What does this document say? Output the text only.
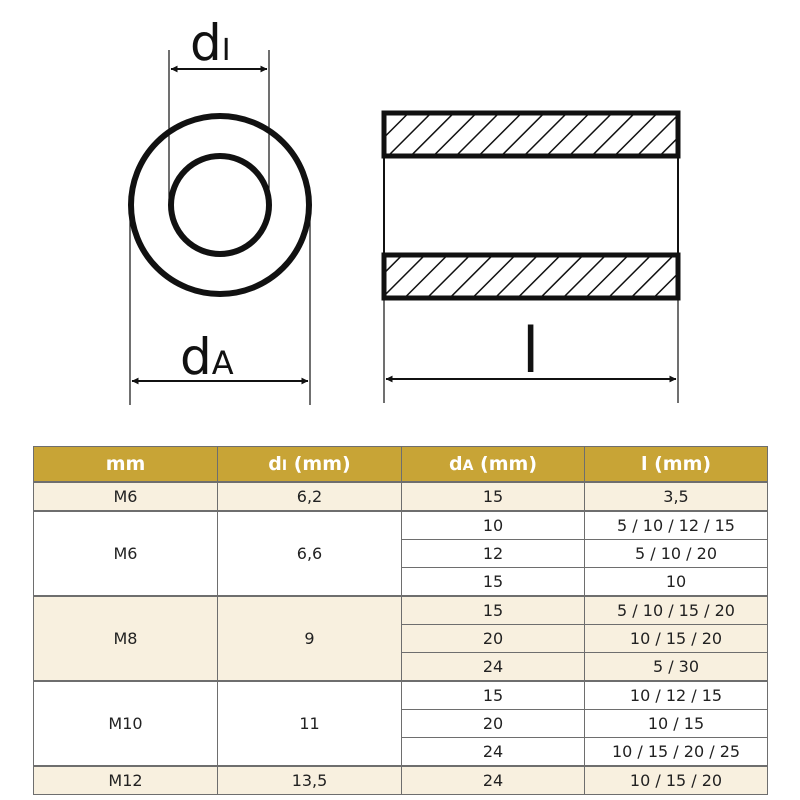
dI
dA	l
mm	dI (mm)	dA (mm)	l (mm)
M6	6,2	15	3,5
M6	6,6	10	5 / 10 / 12 / 15
		12	5 / 10 / 20
		15	10
M8	9	15	5 / 10 / 15 / 20
		20	10 / 15 / 20
		24	5 / 30
M10	11	15	10 / 12 / 15
		20	10 / 15
		24	10 / 15 / 20 / 25
M12	13,5	24	10 / 15 / 20
